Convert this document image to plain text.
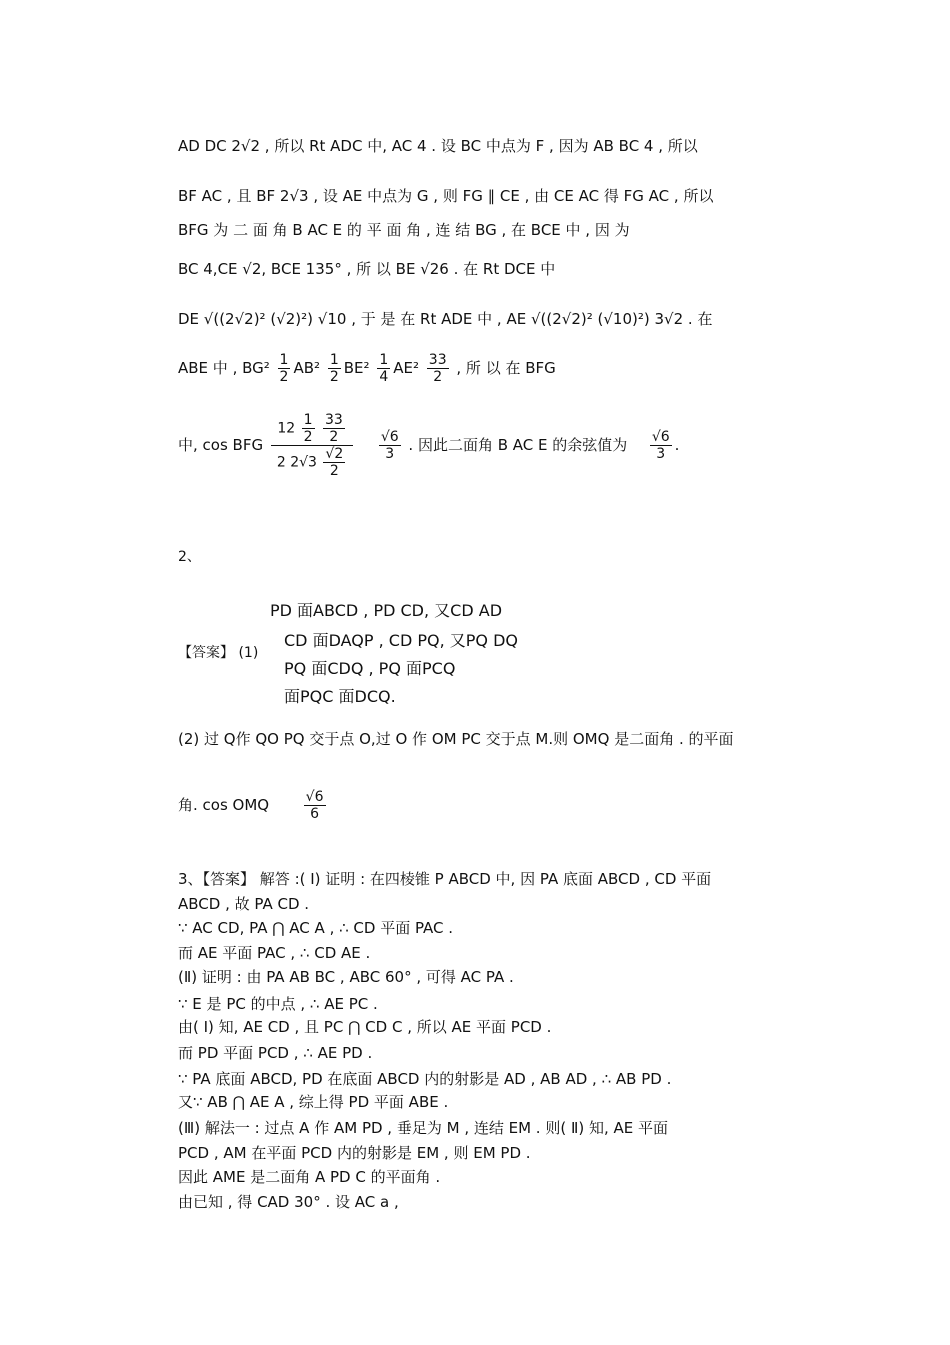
AD DC 2√2 , 所以 Rt ADC 中, AC 4 . 设 BC 中点为 F , 因为 AB BC 4 , 所以
BF AC , 且 BF 2√3 , 设 AE 中点为 G , 则 FG ∥ CE , 由 CE AC 得 FG AC , 所以
BFG 为 二 面 角 B AC E 的 平 面 角 , 连 结 BG , 在 BCE 中 , 因 为
BC 4,CE √2, BCE 135° , 所 以 BE √26 . 在 Rt DCE 中
DE √((2√2)² (√2)²) √10 , 于 是 在 Rt ADE 中 , AE √((2√2)² (√10)²) 3√2 . 在
ABE 中 , $BG^2 \frac{1}{2} AB^2 \frac{1}{2} BE^2 \frac{1}{4} AE^2 \frac{33}{2}$ , 所 以 在 BFG
中, cos BFG $12 \frac{1}{2}$
$\frac{33}{2}$
2 $2√3 \frac{√2}{2}$
$\frac{√6}{3}$ . 因此二面角 B AC E 的余弦值为 $\frac{√6}{3}$ .
2、
【答案】 (1)
PD 面ABCD , PD CD, 又CD AD
CD 面DAQP , CD PQ, 又PQ DQ
PQ 面CDQ , PQ 面PCQ
面PQC 面DCQ.
(2) 过 Q作 QO PQ 交于点 O,过 O 作 OM PC 交于点 M.则 OMQ 是二面角 . 的平面
角. cos OMQ $\frac{√6}{6}$
3、【答案】 解答 :( Ⅰ) 证明 : 在四棱锥 P ABCD 中, 因 PA 底面 ABCD , CD 平面
ABCD , 故 PA CD .
∵ AC CD, PA ⋂ AC A , ∴ CD 平面 PAC .
而 AE 平面 PAC , ∴ CD AE .
(Ⅱ) 证明 : 由 PA AB BC , ABC 60° , 可得 AC PA .
∵ E 是 PC 的中点 , ∴ AE PC .
由( Ⅰ) 知, AE CD , 且 PC ⋂ CD C , 所以 AE 平面 PCD .
而 PD 平面 PCD , ∴ AE PD .
∵ PA 底面 ABCD, PD 在底面 ABCD 内的射影是 AD , AB AD , ∴ AB PD .
又∵ AB ⋂ AE A , 综上得 PD 平面 ABE .
(Ⅲ) 解法一 : 过点 A 作 AM PD , 垂足为 M , 连结 EM . 则( Ⅱ) 知, AE 平面
PCD , AM 在平面 PCD 内的射影是 EM , 则 EM PD .
因此 AME 是二面角 A PD C 的平面角 .
由已知 , 得 CAD 30° . 设 AC a ,
